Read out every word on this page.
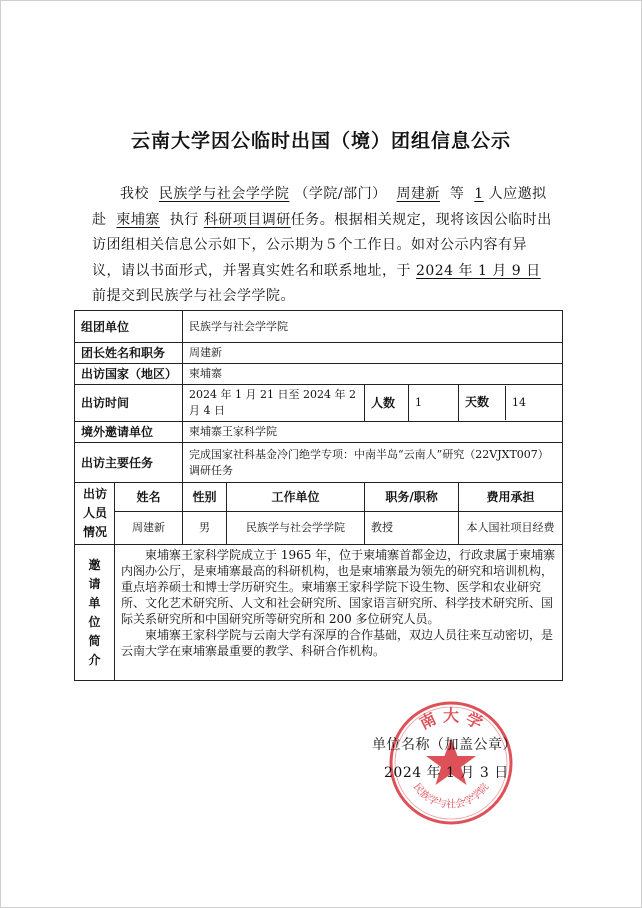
云南大学因公临时出国（境）团组信息公示

我校 民族学与社会学学院 （学院/部门） 周建新 等 1 人应邀拟赴 柬埔寨 执行 科研项目调研任务。根据相关规定，现将该因公临时出访团组相关信息公示如下，公示期为５个工作日。如对公示内容有异议，请以书面形式，并署真实姓名和联系地址，于 2024 年 1 月 9 日前提交到民族学与社会学学院。

组团单位		民族学与社会学学院				
团长姓名和职务		周建新				
出访国家（地区）		柬埔寨				
出访时间		2024 年 1 月 21 日至 2024 年 2 月 4 日		人数	1	天数 14
境外邀请单位		柬埔寨王家科学院				
出访主要任务		完成国家社科基金冷门绝学专项：中南半岛“云南人”研究（22VJXT007）调研任务				
出访人员情况	姓名	性别	工作单位	职务/职称		费用承担
	周建新	男	民族学与社会学学院	教授		本人国社项目经费
邀请单位简介	柬埔寨王家科学院成立于 1965 年，位于柬埔寨首都金边，行政隶属于柬埔寨内阁办公厅，是柬埔寨最高的科研机构，也是柬埔寨最为领先的研究和培训机构，重点培养硕士和博士学历研究生。柬埔寨王家科学院下设生物、医学和农业研究所、文化艺术研究所、人文和社会研究所、国家语言研究所、科学技术研究所、国际关系研究所和中国研究所等研究所和 200 多位研究人员。

柬埔寨王家科学院与云南大学有深厚的合作基础，双边人员往来互动密切，是云南大学在柬埔寨最重要的教学、科研合作机构。					

南 大 学
民族学与社会学学院
单位名称（加盖公章）
2024 年 1 月 3 日
